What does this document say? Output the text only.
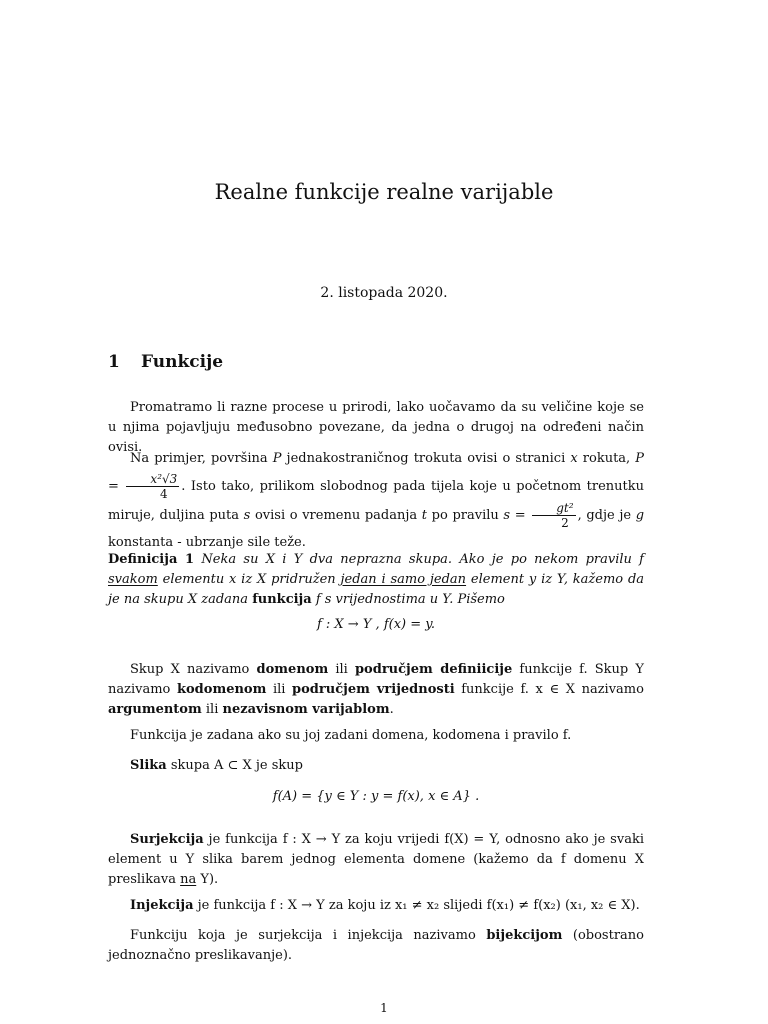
Realne funkcije realne varijable
2. listopada 2020.
1 Funkcije
Promatramo li razne procese u prirodi, lako uočavamo da su veličine koje se u njima pojavljuju međusobno povezane, da jedna o drugoj na određeni način ovisi.
Na primjer, površina P jednakostraničnog trokuta ovisi o stranici x rokuta, $P = \frac{\text{x²√3}}{4}$ . Isto tako, prilikom slobodnog pada tijela koje u početnom trenutku miruje, duljina puta s ovisi o vremenu padanja t po pravilu $s = \frac{\text{gt²}}{2}$ , gdje je g konstanta - ubrzanje sile teže.
Definicija 1 Neka su X i Y dva neprazna skupa. Ako je po nekom pravilu f svakom elementu x iz X pridružen jedan i samo jedan element y iz Y, kažemo da je na skupu X zadana funkcija f s vrijednostima u Y. Pišemo
f : X → Y , f(x) = y.
Skup X nazivamo domenom ili područjem definiicije funkcije f. Skup Y nazivamo kodomenom ili područjem vrijednosti funkcije f. x ∈ X nazivamo argumentom ili nezavisnom varijablom.
Funkcija je zadana ako su joj zadani domena, kodomena i pravilo f.
Slika skupa A ⊂ X je skup
f(A) = {y ∈ Y : y = f(x), x ∈ A} .
Surjekcija je funkcija f : X → Y za koju vrijedi f(X) = Y, odnosno ako je svaki element u Y slika barem jednog elementa domene (kažemo da f domenu X preslikava na Y).
Injekcija je funkcija f : X → Y za koju iz x₁ ≠ x₂ slijedi f(x₁) ≠ f(x₂) (x₁, x₂ ∈ X).
Funkciju koja je surjekcija i injekcija nazivamo bijekcijom (obostrano jednoznačno preslikavanje).
1
